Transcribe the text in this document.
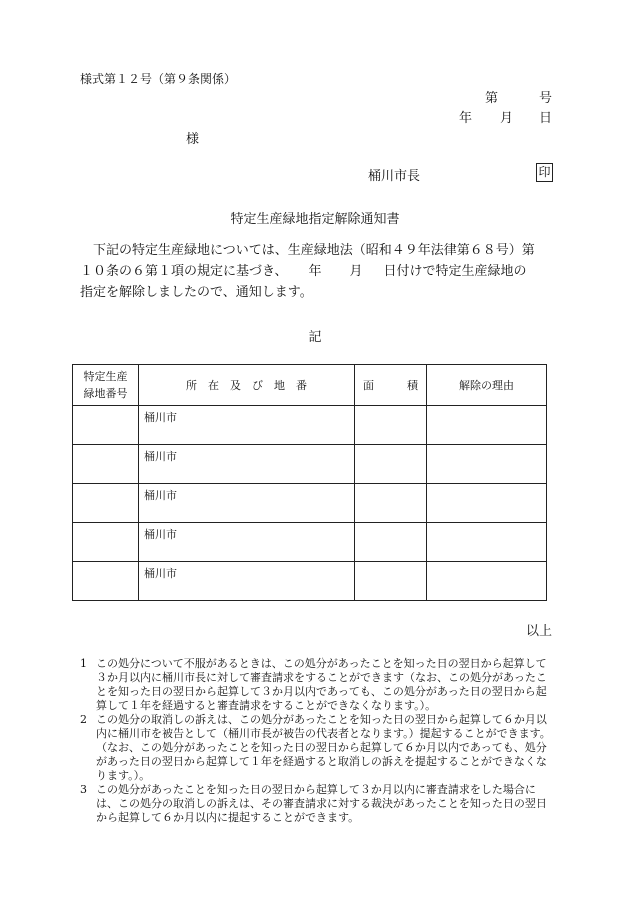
様式第１２号（第９条関係）
第	号
年 月 日
様
桶川市長	印
特定生産緑地指定解除通知書
下記の特定生産緑地については、生産緑地法（昭和４９年法律第６８号）第
１０条の６第１項の規定に基づき、 年 月 日付けで特定生産緑地の
指定を解除しましたので、通知します。
記
特定生産
緑地番号	所　在　及　び　地　番	面　　　積	解除の理由

	桶川市		

	桶川市		

	桶川市		

	桶川市		

	桶川市		

以上
1 この処分について不服があるときは、この処分があったことを知った日の翌日から起算して３か月以内に桶川市長に対して審査請求をすることができます（なお、この処分があったことを知った日の翌日から起算して３か月以内であっても、この処分があった日の翌日から起算して１年を経過すると審査請求をすることができなくなります。）。
2 この処分の取消しの訴えは、この処分があったことを知った日の翌日から起算して６か月以内に桶川市を被告として（桶川市長が被告の代表者となります。）提起することができます。（なお、この処分があったことを知った日の翌日から起算して６か月以内であっても、処分があった日の翌日から起算して１年を経過すると取消しの訴えを提起することができなくなります。）。
3 この処分があったことを知った日の翌日から起算して３か月以内に審査請求をした場合には、この処分の取消しの訴えは、その審査請求に対する裁決があったことを知った日の翌日から起算して６か月以内に提起することができます。
